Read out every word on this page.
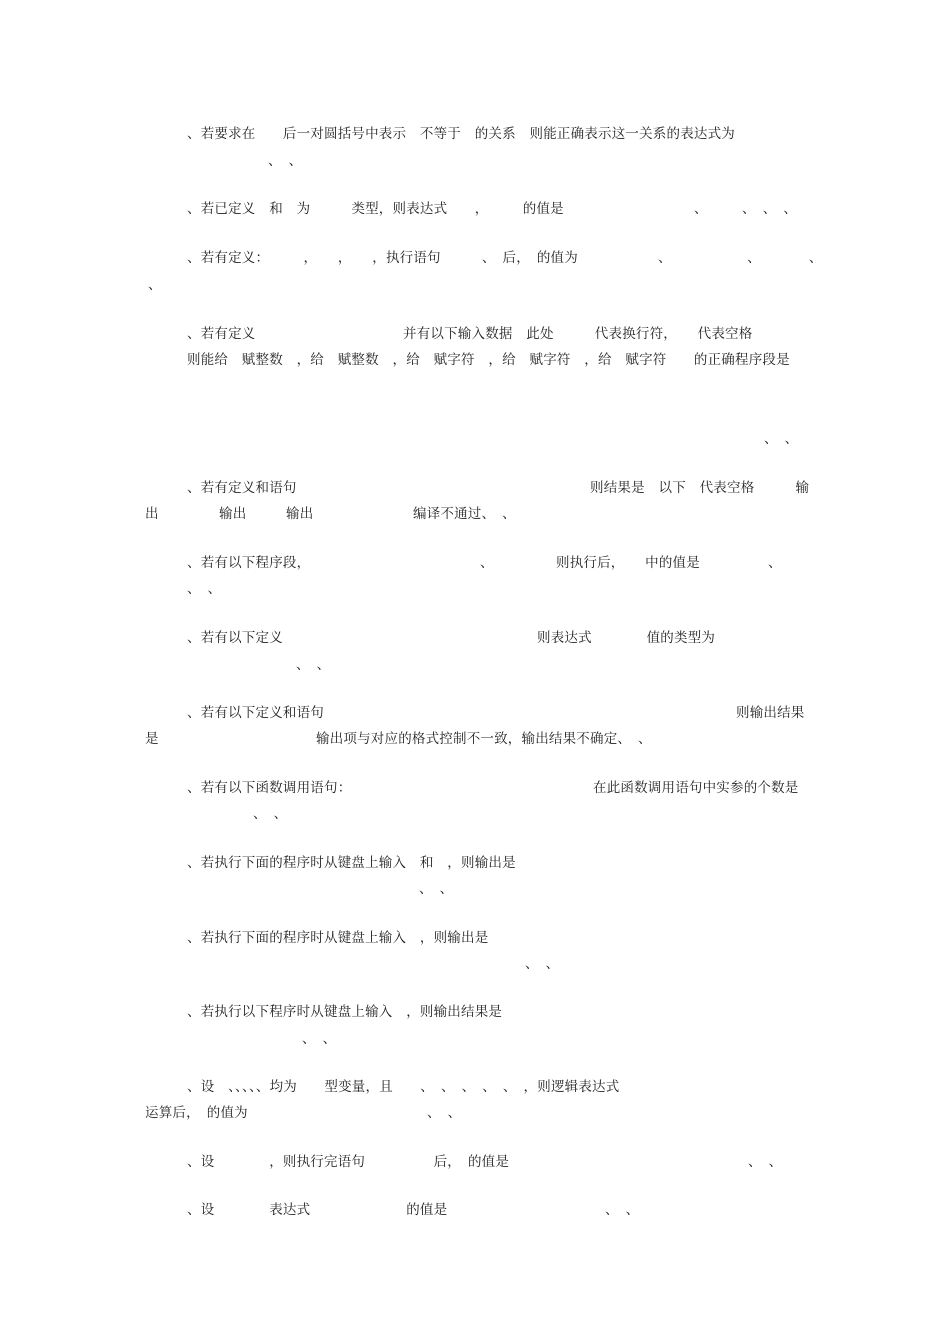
、若要求在　　后一对圆括号中表示　不等于　的关系　则能正确表示这一关系的表达式为
、　、
、若已定义　和　为　　　类型，则表达式　　，　　　的值是	、　　　、　、　、
、若有定义：　　　，　　，　　，执行语句　　　、　后，　的值为	、　　　　　　、　　　　、
、
、若有定义	并有以下输入数据　此处　　　代表换行符，　　代表空格
则能给　赋整数　，给　赋整数　，给　赋字符　，给　赋字符　，给　赋字符　　的正确程序段是
、　、
、若有定义和语句	则结果是　以下　代表空格　　　输
出	输出	输出	编译不通过、　、
、若有以下程序段，	、	则执行后，　　中的值是	、
、　、
、若有以下定义	则表达式　　　　值的类型为
、　、
、若有以下定义和语句	则输出结果
是	输出项与对应的格式控制不一致，输出结果不确定、　、
、若有以下函数调用语句：	在此函数调用语句中实参的个数是
、　、
、若执行下面的程序时从键盘上输入　和　，则输出是
、　、
、若执行下面的程序时从键盘上输入　，则输出是
、　、
、若执行以下程序时从键盘上输入　，则输出结果是
、　、
、设　、、、、、均为　　型变量，且　　、　、　、　、　、　，则逻辑表达式
运算后，　的值为	、　、
、设　　　　，则执行完语句　　　　　后，　的值是	、　、
、设　　　　表达式　　　　　　　的值是	、　、
